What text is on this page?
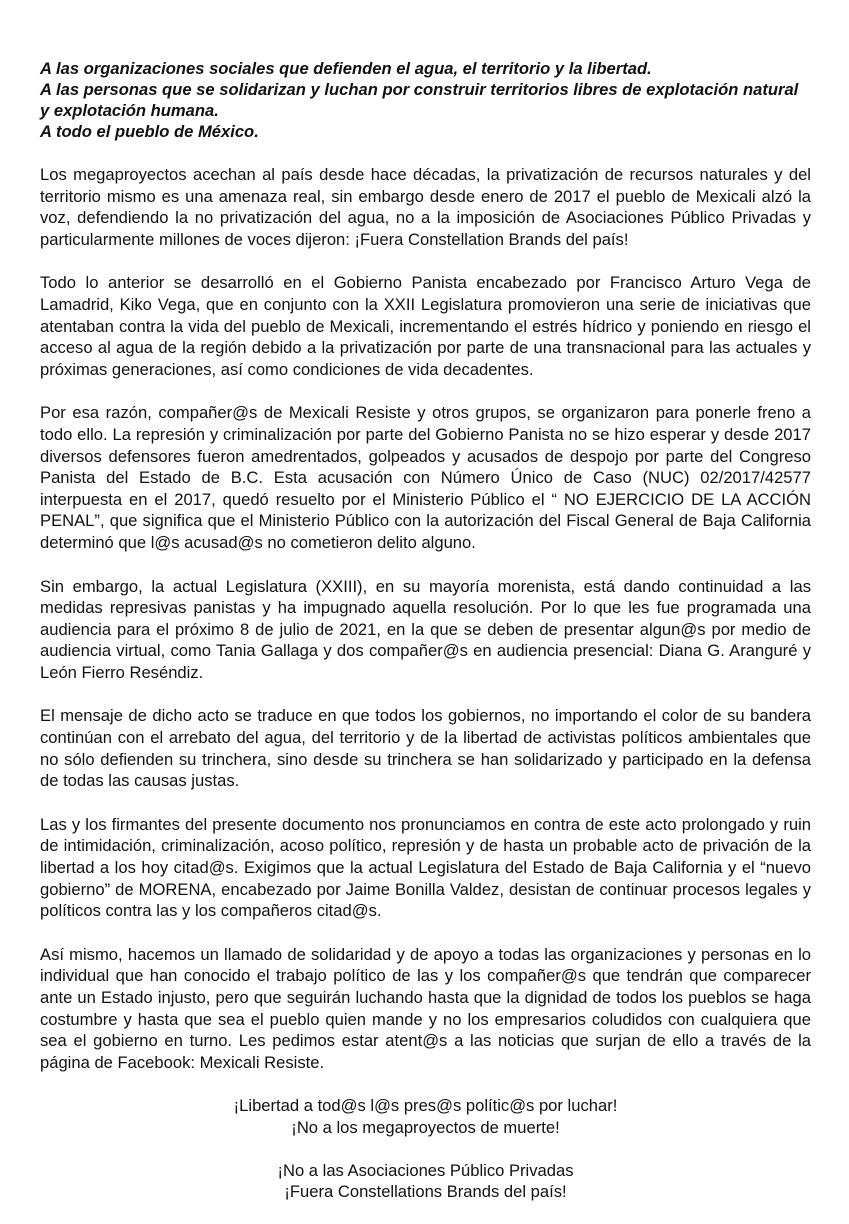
A las organizaciones sociales que defienden el agua, el territorio y la libertad.
A las personas que se solidarizan y luchan por construir territorios libres de explotación natural y explotación humana.
A todo el pueblo de México.

Los megaproyectos acechan al país desde hace décadas, la privatización de recursos naturales y del territorio mismo es una amenaza real, sin embargo desde enero de 2017 el pueblo de Mexicali alzó la voz, defendiendo la no privatización del agua, no a la imposición de Asociaciones Público Privadas y particularmente millones de voces dijeron: ¡Fuera Constellation Brands del país!

Todo lo anterior se desarrolló en el Gobierno Panista encabezado por Francisco Arturo Vega de Lamadrid, Kiko Vega, que en conjunto con la XXII Legislatura promovieron una serie de iniciativas que atentaban contra la vida del pueblo de Mexicali, incrementando el estrés hídrico y poniendo en riesgo el acceso al agua de la región debido a la privatización por parte de una transnacional para las actuales y próximas generaciones, así como condiciones de vida decadentes.

Por esa razón, compañer@s de Mexicali Resiste y otros grupos, se organizaron para ponerle freno a todo ello. La represión y criminalización por parte del Gobierno Panista no se hizo esperar y desde 2017 diversos defensores fueron amedrentados, golpeados y acusados de despojo por parte del Congreso Panista del Estado de B.C. Esta acusación con Número Único de Caso (NUC) 02/2017/42577 interpuesta en el 2017, quedó resuelto por el Ministerio Público el “ NO EJERCICIO DE LA ACCIÓN PENAL”, que significa que el Ministerio Público con la autorización del Fiscal General de Baja California determinó que l@s acusad@s no cometieron delito alguno.

Sin embargo, la actual Legislatura (XXIII), en su mayoría morenista, está dando continuidad a las medidas represivas panistas y ha impugnado aquella resolución. Por lo que les fue programada una audiencia para el próximo 8 de julio de 2021, en la que se deben de presentar algun@s por medio de audiencia virtual, como Tania Gallaga y dos compañer@s en audiencia presencial: Diana G. Aranguré y León Fierro Reséndiz.

El mensaje de dicho acto se traduce en que todos los gobiernos, no importando el color de su bandera continúan con el arrebato del agua, del territorio y de la libertad de activistas políticos ambientales que no sólo defienden su trinchera, sino desde su trinchera se han solidarizado y participado en la defensa de todas las causas justas.

Las y los firmantes del presente documento nos pronunciamos en contra de este acto prolongado y ruin de intimidación, criminalización, acoso político, represión y de hasta un probable acto de privación de la libertad a los hoy citad@s. Exigimos que la actual Legislatura del Estado de Baja California y el “nuevo gobierno” de MORENA, encabezado por Jaime Bonilla Valdez, desistan de continuar procesos legales y políticos contra las y los compañeros citad@s.

Así mismo, hacemos un llamado de solidaridad y de apoyo a todas las organizaciones y personas en lo individual que han conocido el trabajo político de las y los compañer@s que tendrán que comparecer ante un Estado injusto, pero que seguirán luchando hasta que la dignidad de todos los pueblos se haga costumbre y hasta que sea el pueblo quien mande y no los empresarios coludidos con cualquiera que sea el gobierno en turno. Les pedimos estar atent@s a las noticias que surjan de ello a través de la página de Facebook: Mexicali Resiste.

¡Libertad a tod@s l@s pres@s polític@s por luchar!
¡No a los megaproyectos de muerte!
¡No a las Asociaciones Público Privadas
¡Fuera Constellations Brands del país!
